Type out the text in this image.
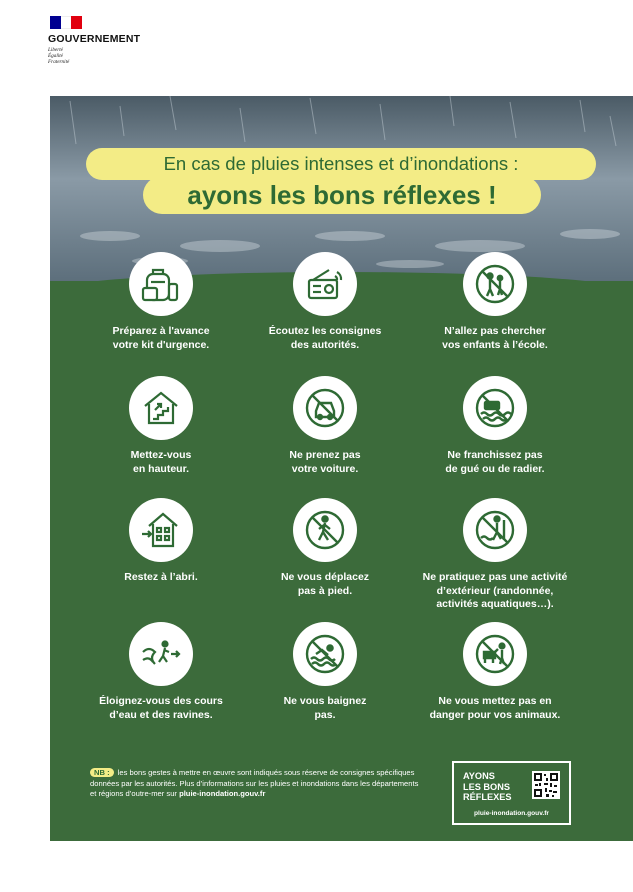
GOUVERNEMENT
Liberté
Égalité
Fraternité
En cas de pluies intenses et d’inondations :
ayons les bons réflexes !
Préparez à l'avance
votre kit d'urgence.
Écoutez les consignes
des autorités.
N’allez pas chercher
vos enfants à l’école.
Mettez-vous
en hauteur.
Ne prenez pas
votre voiture.
Ne franchissez pas
de gué ou de radier.
Restez à l’abri.	Ne vous déplacez
pas à pied.
Ne pratiquez pas une activité
d’extérieur (randonnée,
activités aquatiques…).
Éloignez-vous des cours
d’eau et des ravines.
Ne vous baignez
pas.
Ne vous mettez pas en
danger pour vos animaux.
NB : les bons gestes à mettre en œuvre sont indiqués sous réserve de consignes spécifiques données par les autorités. Plus d’informations sur les pluies et inondations dans les départements et régions d’outre-mer sur pluie-inondation.gouv.fr
AYONS
LES BONS
RÉFLEXES
pluie-inondation.gouv.fr
